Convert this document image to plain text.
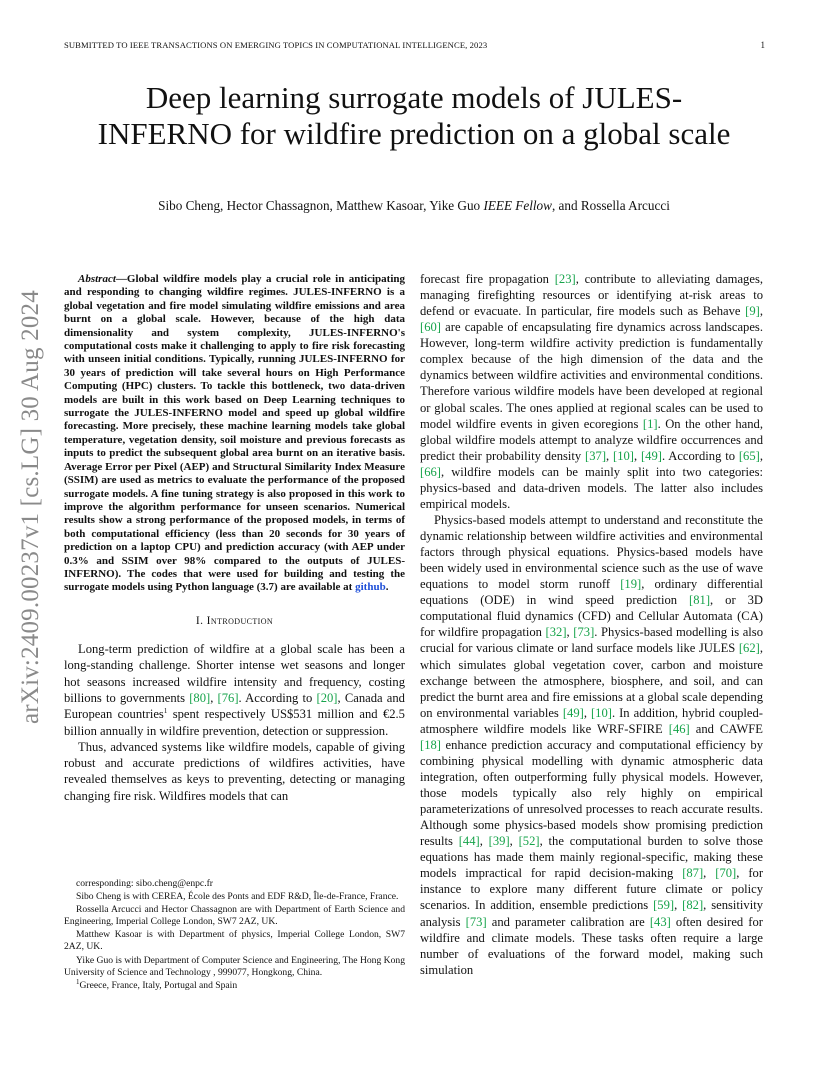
SUBMITTED TO IEEE TRANSACTIONS ON EMERGING TOPICS IN COMPUTATIONAL INTELLIGENCE, 2023	1
Deep learning surrogate models of JULES-INFERNO for wildfire prediction on a global scale
Sibo Cheng, Hector Chassagnon, Matthew Kasoar, Yike Guo IEEE Fellow, and Rossella Arcucci
arXiv:2409.00237v1 [cs.LG] 30 Aug 2024

Abstract—Global wildfire models play a crucial role in anticipating and responding to changing wildfire regimes. JULES-INFERNO is a global vegetation and fire model simulating wildfire emissions and area burnt on a global scale. However, because of the high data dimensionality and system complexity, JULES-INFERNO's computational costs make it challenging to apply to fire risk forecasting with unseen initial conditions. Typically, running JULES-INFERNO for 30 years of prediction will take several hours on High Performance Computing (HPC) clusters. To tackle this bottleneck, two data-driven models are built in this work based on Deep Learning techniques to surrogate the JULES-INFERNO model and speed up global wildfire forecasting. More precisely, these machine learning models take global temperature, vegetation density, soil moisture and previous forecasts as inputs to predict the subsequent global area burnt on an iterative basis. Average Error per Pixel (AEP) and Structural Similarity Index Measure (SSIM) are used as metrics to evaluate the performance of the proposed surrogate models. A fine tuning strategy is also proposed in this work to improve the algorithm performance for unseen scenarios. Numerical results show a strong performance of the proposed models, in terms of both computational efficiency (less than 20 seconds for 30 years of prediction on a laptop CPU) and prediction accuracy (with AEP under 0.3% and SSIM over 98% compared to the outputs of JULES-INFERNO). The codes that were used for building and testing the surrogate models using Python language (3.7) are available at github.

I. Introduction

Long-term prediction of wildfire at a global scale has been a long-standing challenge. Shorter intense wet seasons and longer hot seasons increased wildfire intensity and frequency, costing billions to governments [80], [76]. According to [20], Canada and European countries$^1$ spent respectively US$531 million and €2.5 billion annually in wildfire prevention, detection or suppression.

Thus, advanced systems like wildfire models, capable of giving robust and accurate predictions of wildfires activities, have revealed themselves as keys to preventing, detecting or managing changing fire risk. Wildfires models that can

corresponding: sibo.cheng@enpc.fr

Sibo Cheng is with CEREA, École des Ponts and EDF R&D, Île-de-France, France.

Rossella Arcucci and Hector Chassagnon are with Department of Earth Science and Engineering, Imperial College London, SW7 2AZ, UK.

Matthew Kasoar is with Department of physics, Imperial College London, SW7 2AZ, UK.

Yike Guo is with Department of Computer Science and Engineering, The Hong Kong University of Science and Technology , 999077, Hongkong, China.

$^1$Greece, France, Italy, Portugal and Spain

forecast fire propagation [23], contribute to alleviating damages, managing firefighting resources or identifying at-risk areas to defend or evacuate. In particular, fire models such as Behave [9], [60] are capable of encapsulating fire dynamics across landscapes. However, long-term wildfire activity prediction is fundamentally complex because of the high dimension of the data and the dynamics between wildfire activities and environmental conditions. Therefore various wildfire models have been developed at regional or global scales. The ones applied at regional scales can be used to model wildfire events in given ecoregions [1]. On the other hand, global wildfire models attempt to analyze wildfire occurrences and predict their probability density [37], [10], [49]. According to [65], [66], wildfire models can be mainly split into two categories: physics-based and data-driven models. The latter also includes empirical models.

Physics-based models attempt to understand and reconstitute the dynamic relationship between wildfire activities and environmental factors through physical equations. Physics-based models have been widely used in environmental science such as the use of wave equations to model storm runoff [19], ordinary differential equations (ODE) in wind speed prediction [81], or 3D computational fluid dynamics (CFD) and Cellular Automata (CA) for wildfire propagation [32], [73]. Physics-based modelling is also crucial for various climate or land surface models like JULES [62], which simulates global vegetation cover, carbon and moisture exchange between the atmosphere, biosphere, and soil, and can predict the burnt area and fire emissions at a global scale depending on environmental variables [49], [10]. In addition, hybrid coupled-atmosphere wildfire models like WRF-SFIRE [46] and CAWFE [18] enhance prediction accuracy and computational efficiency by combining physical modelling with dynamic atmospheric data integration, often outperforming fully physical models. However, those models typically also rely highly on empirical parameterizations of unresolved processes to reach accurate results. Although some physics-based models show promising prediction results [44], [39], [52], the computational burden to solve those equations has made them mainly regional-specific, making these models impractical for rapid decision-making [87], [70], for instance to explore many different future climate or policy scenarios. In addition, ensemble predictions [59], [82], sensitivity analysis [73] and parameter calibration are [43] often desired for wildfire and climate models. These tasks often require a large number of evaluations of the forward model, making such simulation
